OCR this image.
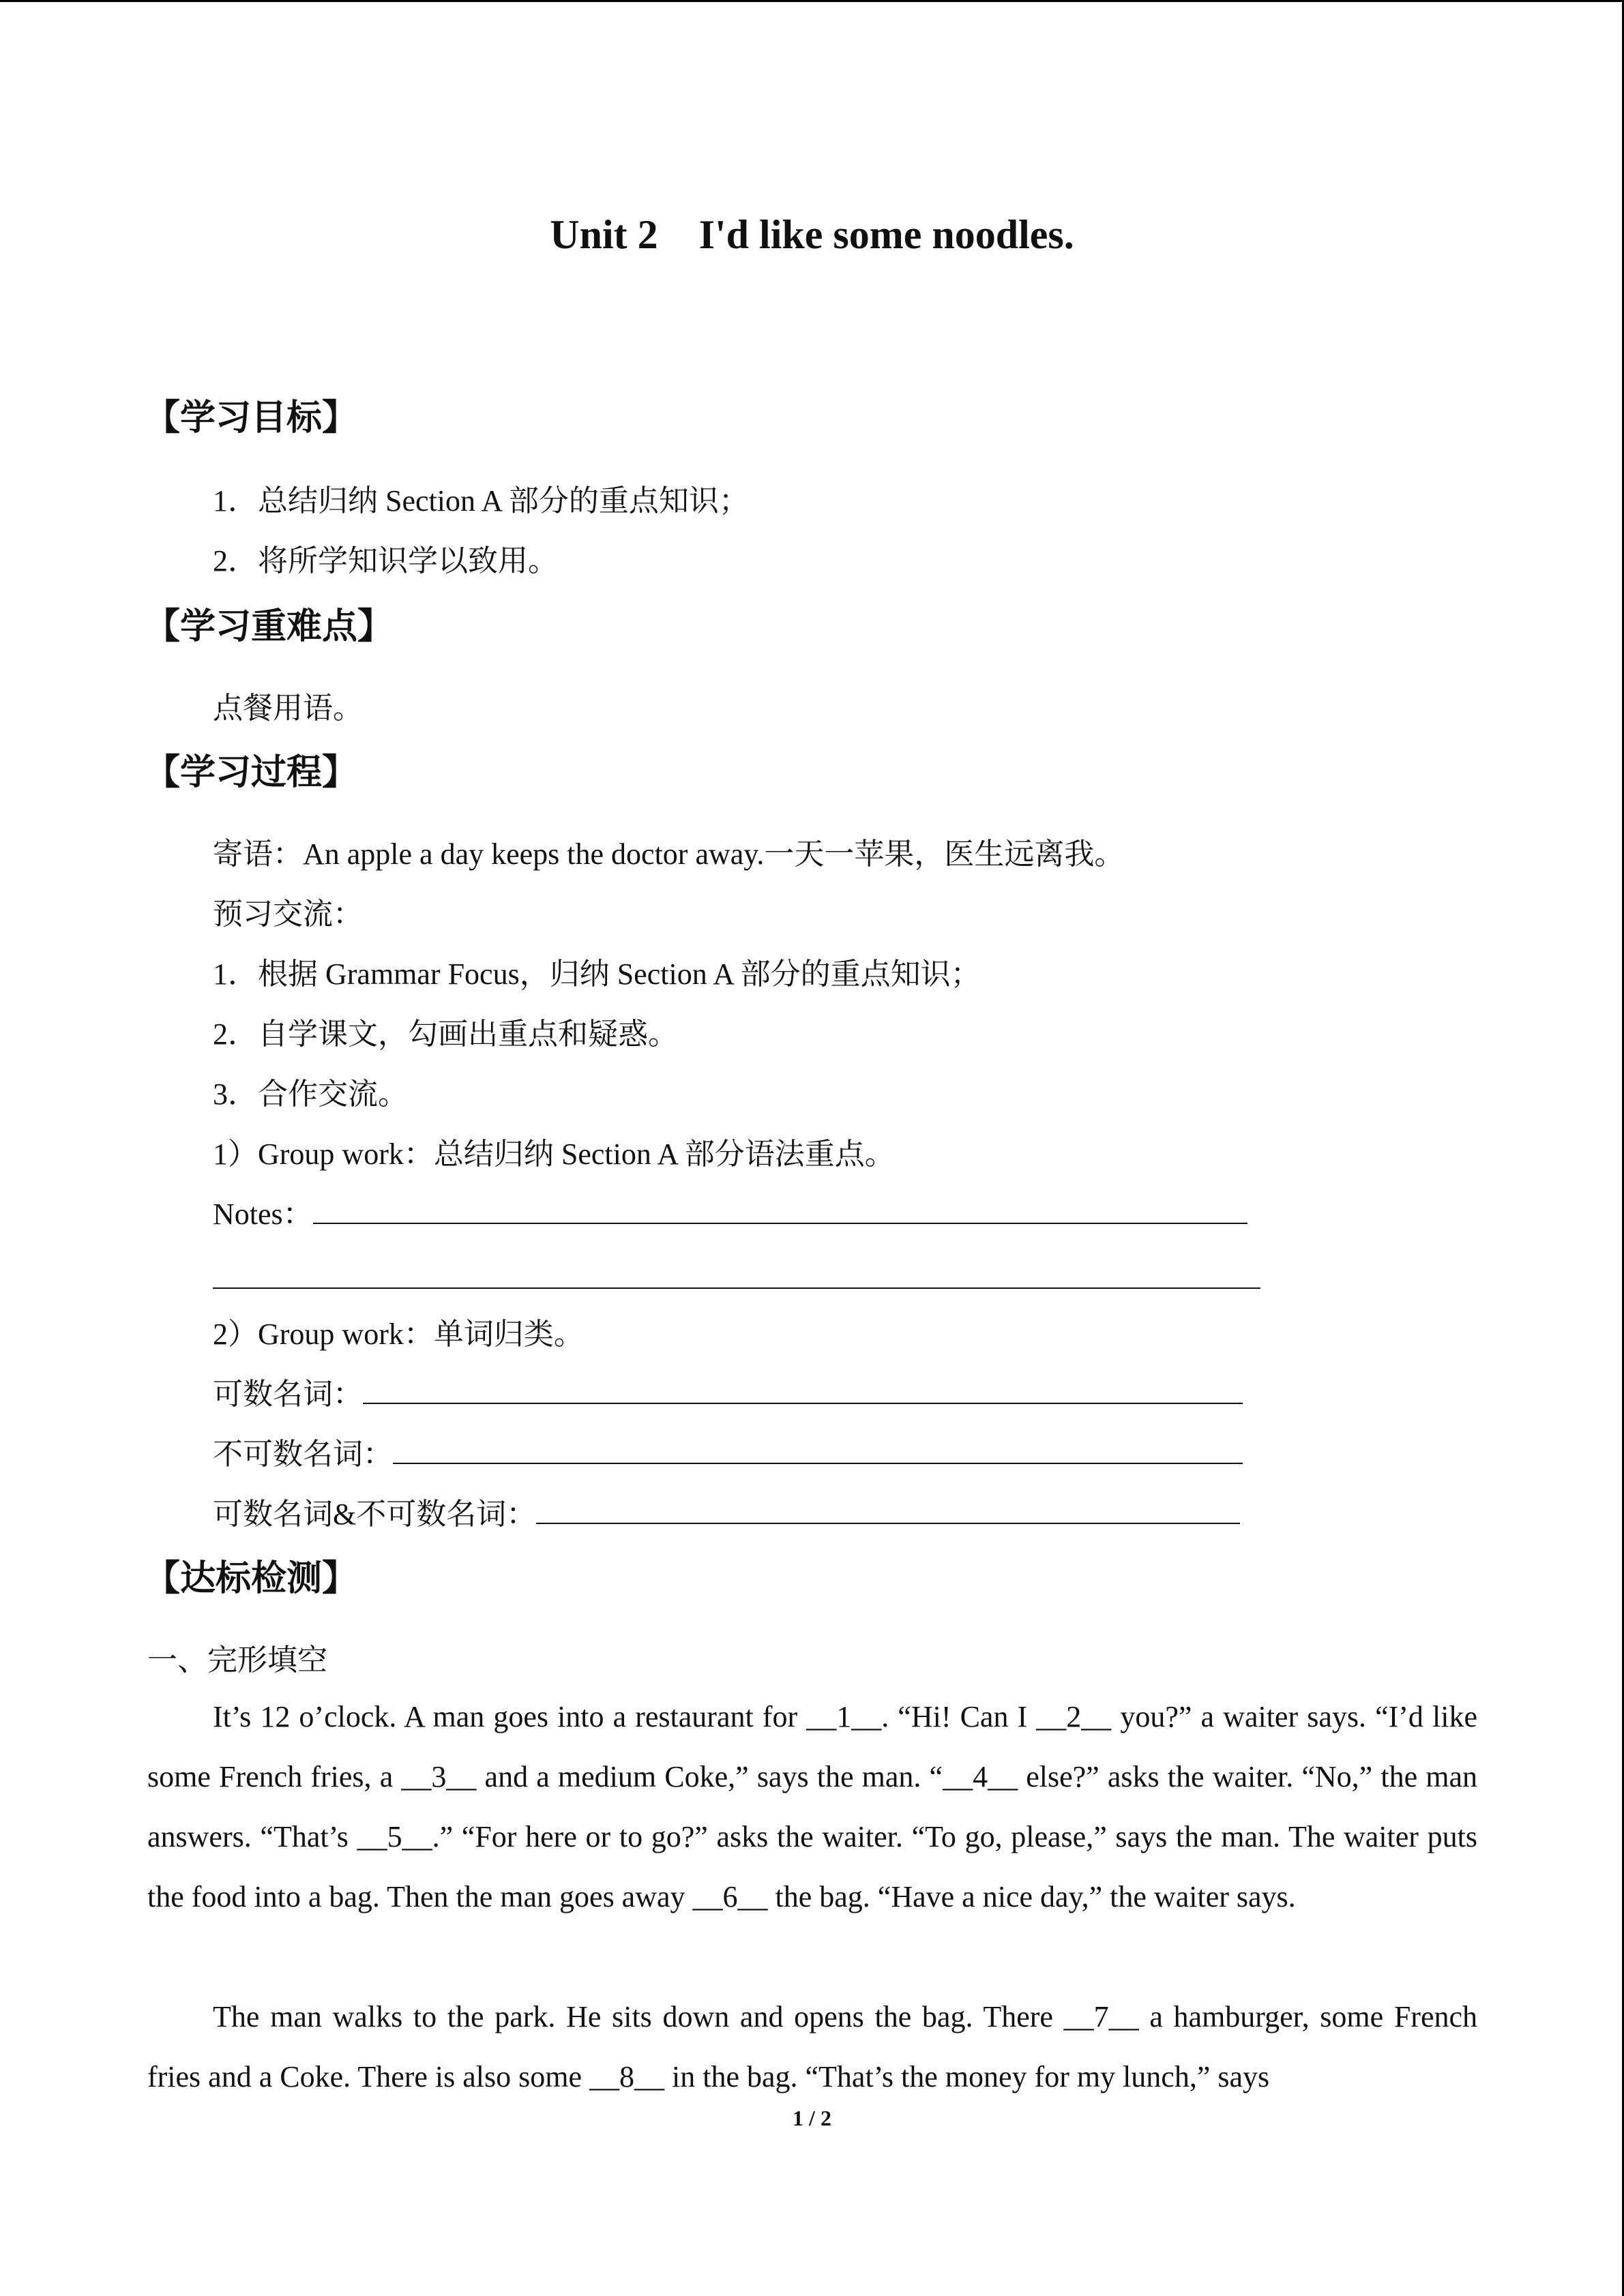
Unit 2 I'd like some noodles.
【学习目标】
1．总结归纳 Section A 部分的重点知识；
2．将所学知识学以致用。
【学习重难点】
点餐用语。
【学习过程】
寄语：An apple a day keeps the doctor away.一天一苹果，医生远离我。
预习交流：
1．根据 Grammar Focus，归纳 Section A 部分的重点知识；
2．自学课文，勾画出重点和疑惑。
3．合作交流。
1）Group work：总结归纳 Section A 部分语法重点。
Notes：
2）Group work：单词归类。
可数名词：
不可数名词：
可数名词&不可数名词：
【达标检测】
一、完形填空
It’s 12 o’clock. A man goes into a restaurant for __1__. “Hi! Can I __2__ you?” a waiter says. “I’d like some French fries, a __3__ and a medium Coke,” says the man. “__4__ else?” asks the waiter. “No,” the man answers. “That’s __5__.” “For here or to go?” asks the waiter. “To go, please,” says the man. The waiter puts the food into a bag. Then the man goes away __6__ the bag. “Have a nice day,” the waiter says.
The man walks to the park. He sits down and opens the bag. There __7__ a hamburger, some French fries and a Coke. There is also some __8__ in the bag. “That’s the money for my lunch,” says
1 / 2
